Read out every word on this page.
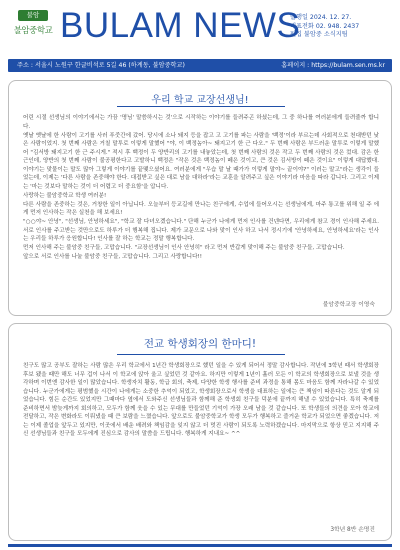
불암
불암중학교 BULAM NEWS
발행일 2024. 12. 27.
대표전화 02. 948. 2437
편집 불암중 소식지팀
주소 : 서울시 노원구 한글비석로 5길 46 (하계동, 불암중학교)	홈페이지 : https://bulam.sen.ms.kr
우리 학교 교장선생님!

어린 시절 선생님의 이야기에서는 가끔 '명님' 말씀하시는 것'으로 시작하는 이야기를 들려주곤 하셨는데, 그 중 하나를 여러분에게 들려줄까 합니다.

옛날 옛날에 한 사람이 고기를 사러 푸줏간에 갔어. 당시에 소나 돼지 등을 잡고 고 고기를 파는 사람을 '백정'이라 부르는데 사회적으로 천대받던 낮은 사람이었지. 첫 번째 사람은 거칠 말투로 이렇게 말했어 "야, 이 백정놈아~ 돼지고기 한 근 다오." 두 번째 사람은 부드러운 말투로 이렇게 말했어 "김서방 돼지고기 한 근 주시게." 적시 후 백정이 두 양반리의 고기를 내놓았는데, 첫 번째 사람의 것은 작고 두 번째 사람의 것은 컸대. 감은 한 근인데, 양반의 첫 번째 사람이 불공평한다고 고발하니 백정은 "작은 것은 백정놈이 떼은 것이고, 큰 것은 김서방이 떼은 것이요" 이렇게 대답했대. 이야기는 맞물이는 말도 많아 그렇게 이야기를 끝맺으셨어요. 여러분에게 "우습 말 날 때가가 이렇게 말야~ 끝이야?" 이러는 말고"라는 생각이 들었는데, 이제는 '다른 사람을 존중해야 한다. 대접받고 싶은 대로 남을 대하라'라는 교훈을 알려주고 싶은 이야기라 마음을 따라 갑니다. 그리고 이제는 '마는 것보다 말하는 것이 더 어렵고 더 중요함'을 압니다.

사랑하는 불암중학교 학생 여러분!

다른 사람을 존중하는 것은, 거창한 일이 아닙니다. 오늘부터 등교길에 만나는 친구에게, 수업에 들어오시는 선생님에게, 마주 통고를 위해 일 주 에게 먼저 인사하는 작은 실천을 해 보세요!

"○○야~ 안녕", "선생님, 안녕하세요", "학교 잘 다녀오겠습니다." 단해 누군가 나에게 먼저 인사를 건넨다면, 우리에게 참고 경이 인사해 주세요. 서로 인사를 주고받는 것만으로도 하루가 더 행복해 집니다. 제가 교문으로 나와 맞이 인사 하고 나서 정시기에 '안녕하세요, 안녕하세요'라는 인사는 우리들 하루가 응원합니다! 인사를 잘 하는 학교는 정말 행복합니다.

먼저 인사해 주는 불암중 친구들, 고맙습니다. "교장선생님이 인사 안녕히" 라고 먼저 반갑게 맞이해 주는 불암중 친구들, 고맙습니다.

앞으로 서로 인사를 나눌 불암중 친구들, 고맙습니다. 그리고 사랑합니다!!

불암중학교장 이영숙
전교 학생회장의 한마디!

친구도 많고 공부도 잘하는 사람 많은 우리 학교에서 1년간 학생회장으로 했던 일을 수 있게 되어서 정말 감사합니다. 작년에 3학년 때서 학생회장 후보 됐을 때만 해도 너무 겁이 나서 이 학교에 앉아 울고 싶었던 것 같아요. 하지만 이렇게 1년이 흘러 모든 이 학교의 학생회장으로 보낼 것을 생각하며 이번엔 감사한 일이 많았습니다. 학생자치 활동, 학급 회의, 축제, 다양한 학생 행사를 준비 과정을 통해 몸도 마음도 함께 자라나갈 수 있었습니다. 누군가에게는 평범했을 시간이 나에게는 소중한 추억이 되었고, 학생회장으로서 학생을 대표하는 일에는 큰 책임이 따른다는 것도 알게 되었습니다. 힘든 순간도 있었지만 그때마다 옆에서 도와주신 선생님들과 함께해 준 학생회 친구들 덕분에 끝까지 해낼 수 있었습니다. 특히 축제를 준비하면서 밤늦게까지 회의하고, 모두가 함께 웃을 수 있는 무대를 만들었던 기억이 가장 오래 남을 것 같습니다. 또 학생들의 의견을 모아 학교에 전달하고, 작은 변화라도 이뤄냈을 때 큰 보람을 느꼈습니다. 앞으로도 불암중학교가 학생 모두가 행복하고 즐거운 학교가 되었으면 좋겠습니다. 저는 이제 졸업을 앞두고 있지만, 이곳에서 배운 배려와 책임감을 잊지 않고 더 멋진 사람이 되도록 노력하겠습니다. 마지막으로 항상 믿고 지지해 주신 선생님들과 친구들 모두에게 진심으로 감사의 말씀을 드립니다. 행복하게 지내요~ ^^

3학년 8반 손명진
